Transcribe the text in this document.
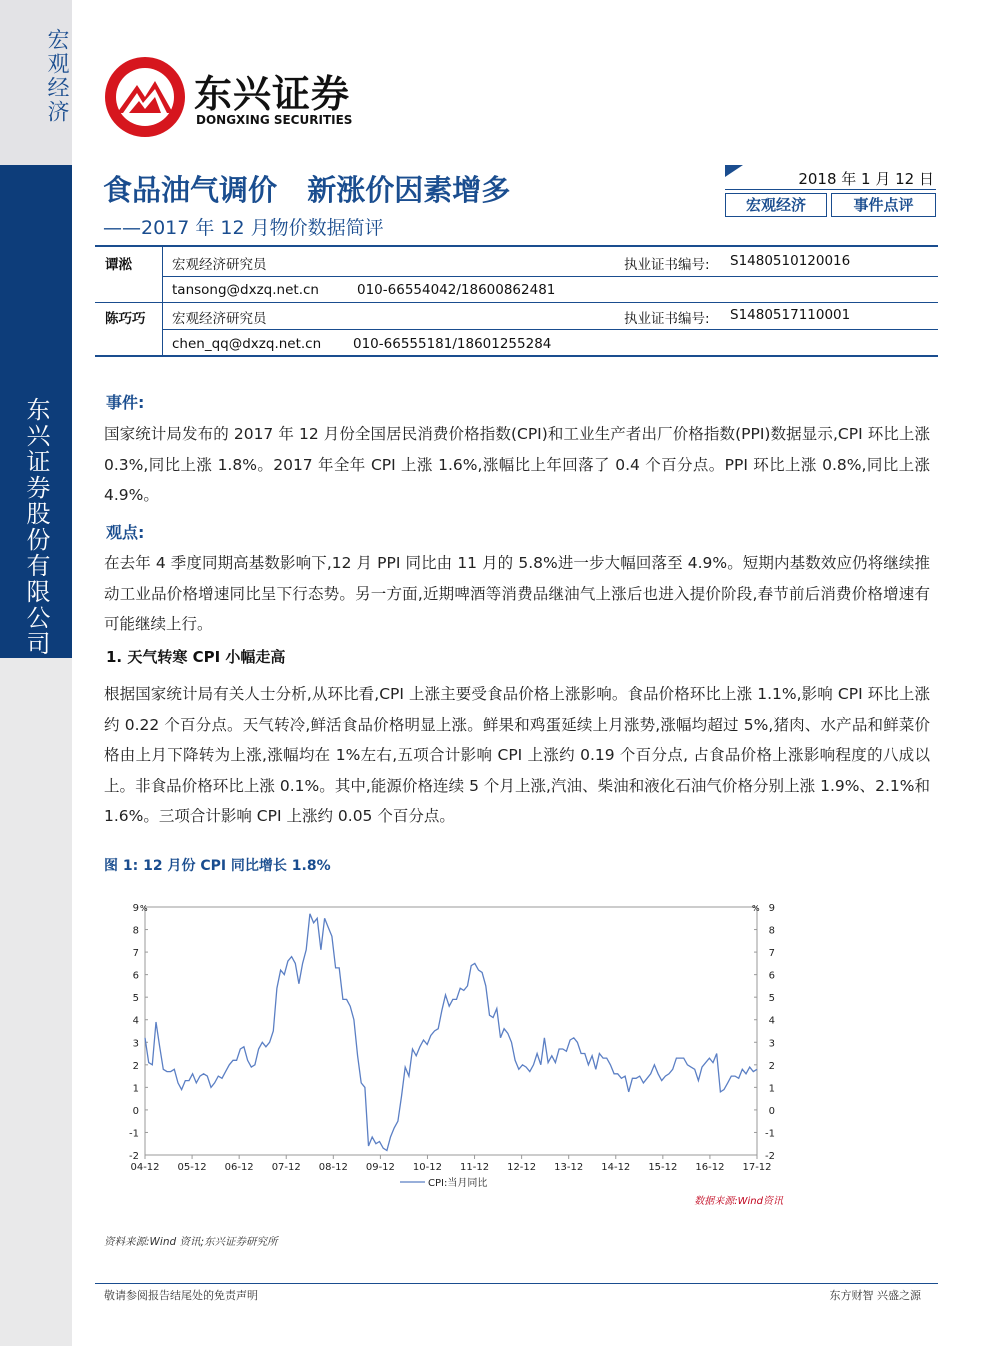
宏观经济
东兴证券股份有限公司
东兴证券
DONGXING SECURITIES
食品油气调价   新涨价因素增多
——2017 年 12 月物价数据简评
2018 年 1 月 12 日
宏观经济	事件点评
谭淞	宏观经济研究员	执业证书编号: S1480510120016
tansong@dxzq.net.cn	010-66554042/18600862481
陈巧巧 宏观经济研究员	执业证书编号: S1480517110001
chen_qq@dxzq.net.cn 010-66555181/18601255284
事件:
国家统计局发布的 2017 年 12 月份全国居民消费价格指数(CPI)和工业生产者出厂价格指数(PPI)数据显示,CPI 环比上涨 0.3%,同比上涨 1.8%。2017 年全年 CPI 上涨 1.6%,涨幅比上年回落了 0.4 个百分点。PPI 环比上涨 0.8%,同比上涨 4.9%。
观点:
在去年 4 季度同期高基数影响下,12 月 PPI 同比由 11 月的 5.8%进一步大幅回落至 4.9%。短期内基数效应仍将继续推动工业品价格增速同比呈下行态势。另一方面,近期啤酒等消费品继油气上涨后也进入提价阶段,春节前后消费价格增速有可能继续上行。
1. 天气转寒 CPI 小幅走高
根据国家统计局有关人士分析,从环比看,CPI 上涨主要受食品价格上涨影响。食品价格环比上涨 1.1%,影响 CPI 环比上涨约 0.22 个百分点。天气转冷,鲜活食品价格明显上涨。鲜果和鸡蛋延续上月涨势,涨幅均超过 5%,猪肉、水产品和鲜菜价格由上月下降转为上涨,涨幅均在 1%左右,五项合计影响 CPI 上涨约 0.19 个百分点, 占食品价格上涨影响程度的八成以上。非食品价格环比上涨 0.1%。其中,能源价格连续 5 个月上涨,汽油、柴油和液化石油气价格分别上涨 1.9%、2.1%和 1.6%。三项合计影响 CPI 上涨约 0.05 个百分点。
图 1: 12 月份 CPI 同比增长 1.8%
9
8
7
6
5
4
3
2
1
0
-1
-2
9
8
7
6
5
4
3
2
1
0
-1
-2
04-12 05-12 06-12 07-12 08-12 09-12 10-12 11-12 12-12 13-12 14-12 15-12 16-12 17-12
%	%
CPI:当月同比
数据来源:Wind资讯
资料来源:Wind 资讯;东兴证券研究所
敬请参阅报告结尾处的免责声明	东方财智 兴盛之源
